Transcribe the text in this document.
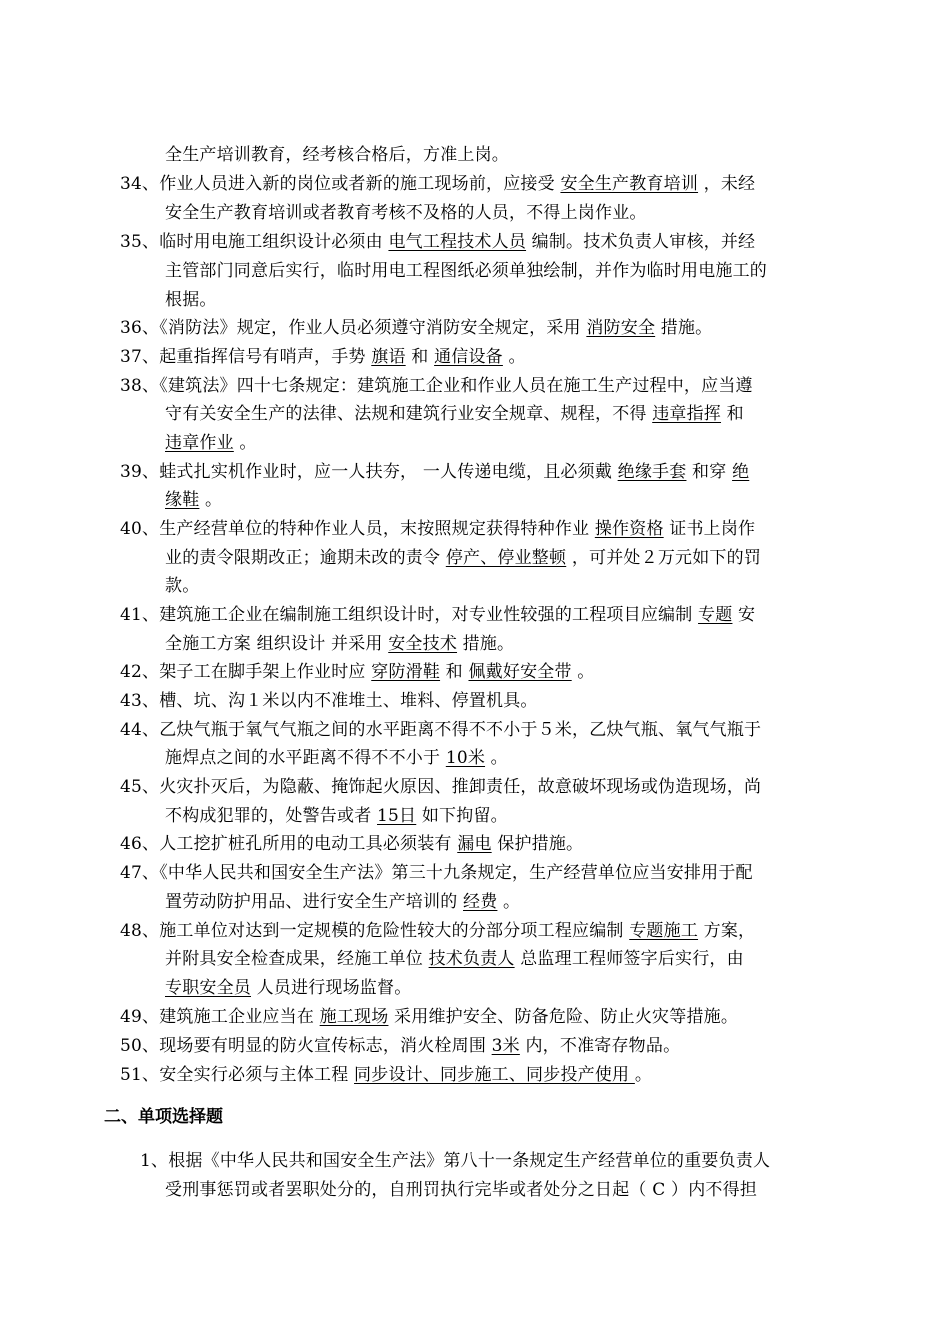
二、单项选择题
全生产培训教育，经考核合格后，方准上岗。
34、作业人员进入新的岗位或者新的施工现场前，应接受 安全生产教育培训 ，未经
安全生产教育培训或者教育考核不及格的人员，不得上岗作业。
35、临时用电施工组织设计必须由 电气工程技术人员 编制。技术负责人审核，并经
主管部门同意后实行，临时用电工程图纸必须单独绘制，并作为临时用电施工的
根据。
36、《消防法》规定，作业人员必须遵守消防安全规定，采用 消防安全 措施。
37、起重指挥信号有哨声，手势 旗语 和 通信设备 。
38、《建筑法》四十七条规定：建筑施工企业和作业人员在施工生产过程中，应当遵
守有关安全生产的法律、法规和建筑行业安全规章、规程，不得 违章指挥 和
违章作业 。
39、蛙式扎实机作业时，应一人扶夯， 一人传递电缆，且必须戴 绝缘手套 和穿 绝
缘鞋 。
40、生产经营单位的特种作业人员，末按照规定获得特种作业 操作资格 证书上岗作
业的责令限期改正；逾期未改的责令 停产、停业整顿 ，可并处２万元如下的罚
款。
41、建筑施工企业在编制施工组织设计时，对专业性较强的工程项目应编制 专题 安
全施工方案 组织设计 并采用 安全技术 措施。
42、架子工在脚手架上作业时应 穿防滑鞋 和 佩戴好安全带 。
43、槽、坑、沟１米以内不准堆土、堆料、停置机具。
44、乙炔气瓶于氧气气瓶之间的水平距离不得不不小于５米，乙炔气瓶、氧气气瓶于
施焊点之间的水平距离不得不不小于 10米 。
45、火灾扑灭后，为隐蔽、掩饰起火原因、推卸责任，故意破坏现场或伪造现场，尚
不构成犯罪的，处警告或者 15日 如下拘留。
46、人工挖扩桩孔所用的电动工具必须装有 漏电 保护措施。
47、《中华人民共和国安全生产法》第三十九条规定，生产经营单位应当安排用于配
置劳动防护用品、进行安全生产培训的 经费 。
48、施工单位对达到一定规模的危险性较大的分部分项工程应编制 专题施工 方案，
并附具安全检查成果，经施工单位 技术负责人 总监理工程师签字后实行，由
专职安全员 人员进行现场监督。
49、建筑施工企业应当在 施工现场 采用维护安全、防备危险、防止火灾等措施。
50、现场要有明显的防火宣传标志，消火栓周围 3米 内，不准寄存物品。
51、安全实行必须与主体工程 同步设计、同步施工、同步投产使用 。
1、根据《中华人民共和国安全生产法》第八十一条规定生产经营单位的重要负责人
受刑事惩罚或者罢职处分的，自刑罚执行完毕或者处分之日起（ C ）内不得担
